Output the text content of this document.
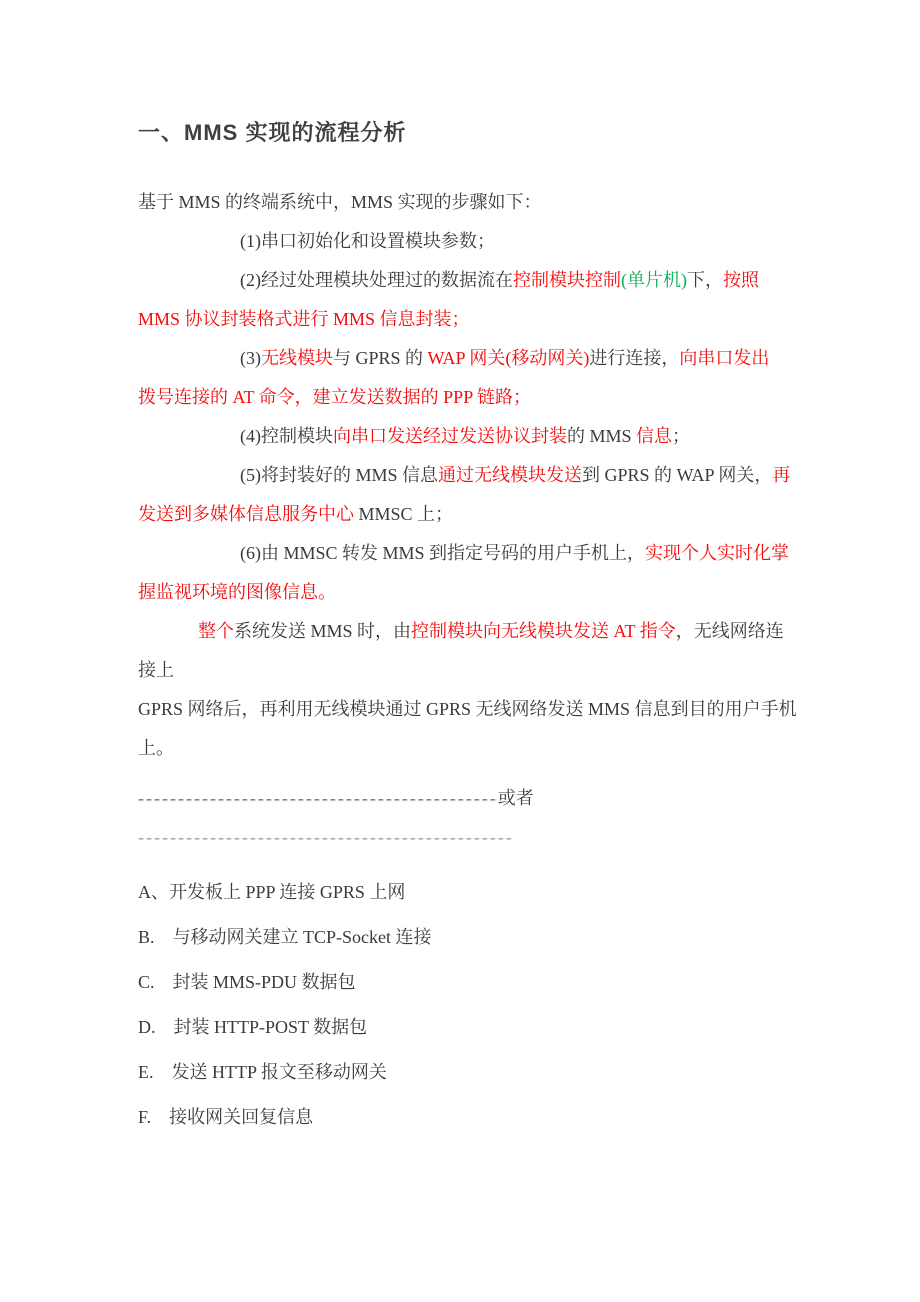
一、MMS 实现的流程分析
基于 MMS 的终端系统中，MMS 实现的步骤如下：
(1)串口初始化和设置模块参数；
(2)经过处理模块处理过的数据流在控制模块控制(单片机)下，按照
MMS 协议封装格式进行 MMS 信息封装；
(3)无线模块与 GPRS 的 WAP 网关(移动网关)进行连接，向串口发出
拨号连接的 AT 命令，建立发送数据的 PPP 链路；
(4)控制模块向串口发送经过发送协议封装的 MMS 信息；
(5)将封装好的 MMS 信息通过无线模块发送到 GPRS 的 WAP 网关，再
发送到多媒体信息服务中心 MMSC 上；
(6)由 MMSC 转发 MMS 到指定号码的用户手机上，实现个人实时化掌
握监视环境的图像信息。
整个系统发送 MMS 时，由控制模块向无线模块发送 AT 指令，无线网络连
接上
GPRS 网络后，再利用无线模块通过 GPRS 无线网络发送 MMS 信息到目的用户手机
上。
---------------------------------------------或者
-----------------------------------------------
A、开发板上 PPP 连接 GPRS 上网
B.　与移动网关建立 TCP-Socket 连接
C.　封装 MMS-PDU 数据包
D.　封装 HTTP-POST 数据包
E.　发送 HTTP 报文至移动网关
F.　接收网关回复信息
